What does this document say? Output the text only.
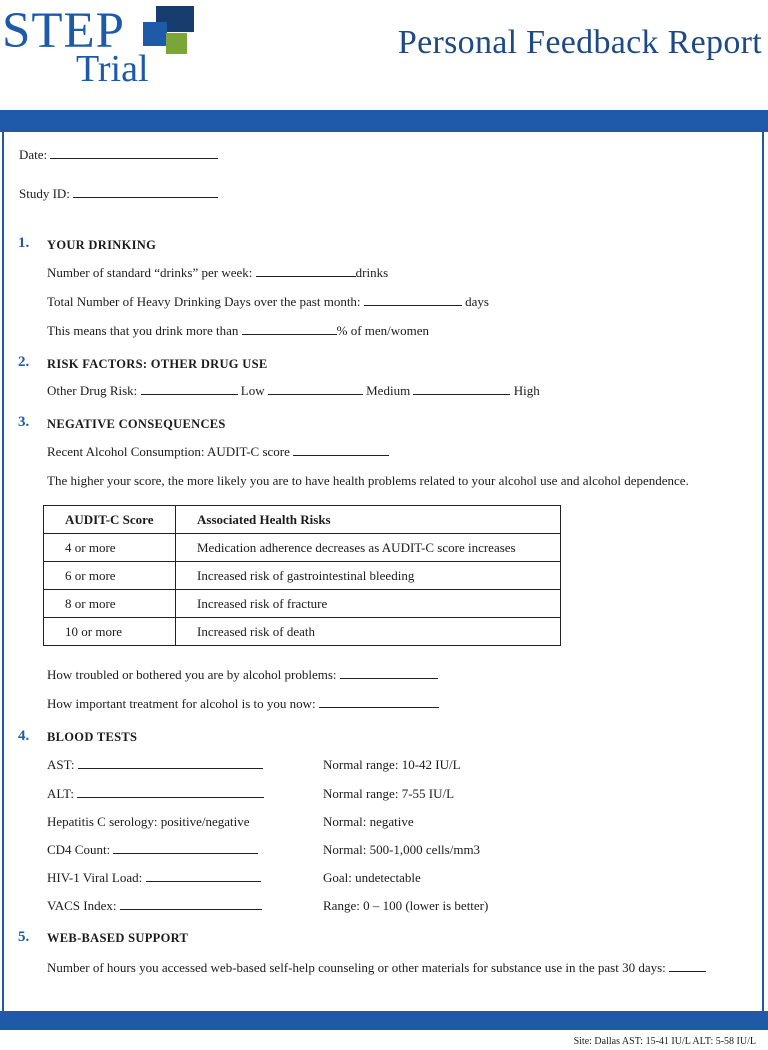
STEP
Trial
Personal Feedback Report
Date:
Study ID:
1. YOUR DRINKING
Number of standard “drinks” per week:	drinks
Total Number of Heavy Drinking Days over the past month:	days
This means that you drink more than	% of men/women
2. RISK FACTORS: OTHER DRUG USE
Other Drug Risk:	Low	Medium	High
3. NEGATIVE CONSEQUENCES
Recent Alcohol Consumption: AUDIT-C score
The higher your score, the more likely you are to have health problems related to your alcohol use and alcohol dependence.
AUDIT-C Score	Associated Health Risks
4 or more	Medication adherence decreases as AUDIT-C score increases
6 or more	Increased risk of gastrointestinal bleeding
8 or more	Increased risk of fracture
10 or more	Increased risk of death
How troubled or bothered you are by alcohol problems:
How important treatment for alcohol is to you now:
4. BLOOD TESTS
AST:	Normal range: 10-42 IU/L
ALT:	Normal range: 7-55 IU/L
Hepatitis C serology: positive/negative	Normal: negative
CD4 Count:	Normal: 500-1,000 cells/mm3
HIV-1 Viral Load:	Goal: undetectable
VACS Index:	Range: 0 – 100 (lower is better)
5. WEB-BASED SUPPORT
Number of hours you accessed web-based self-help counseling or other materials for substance use in the past 30 days:
Site: Dallas AST: 15-41 IU/L ALT: 5-58 IU/L
